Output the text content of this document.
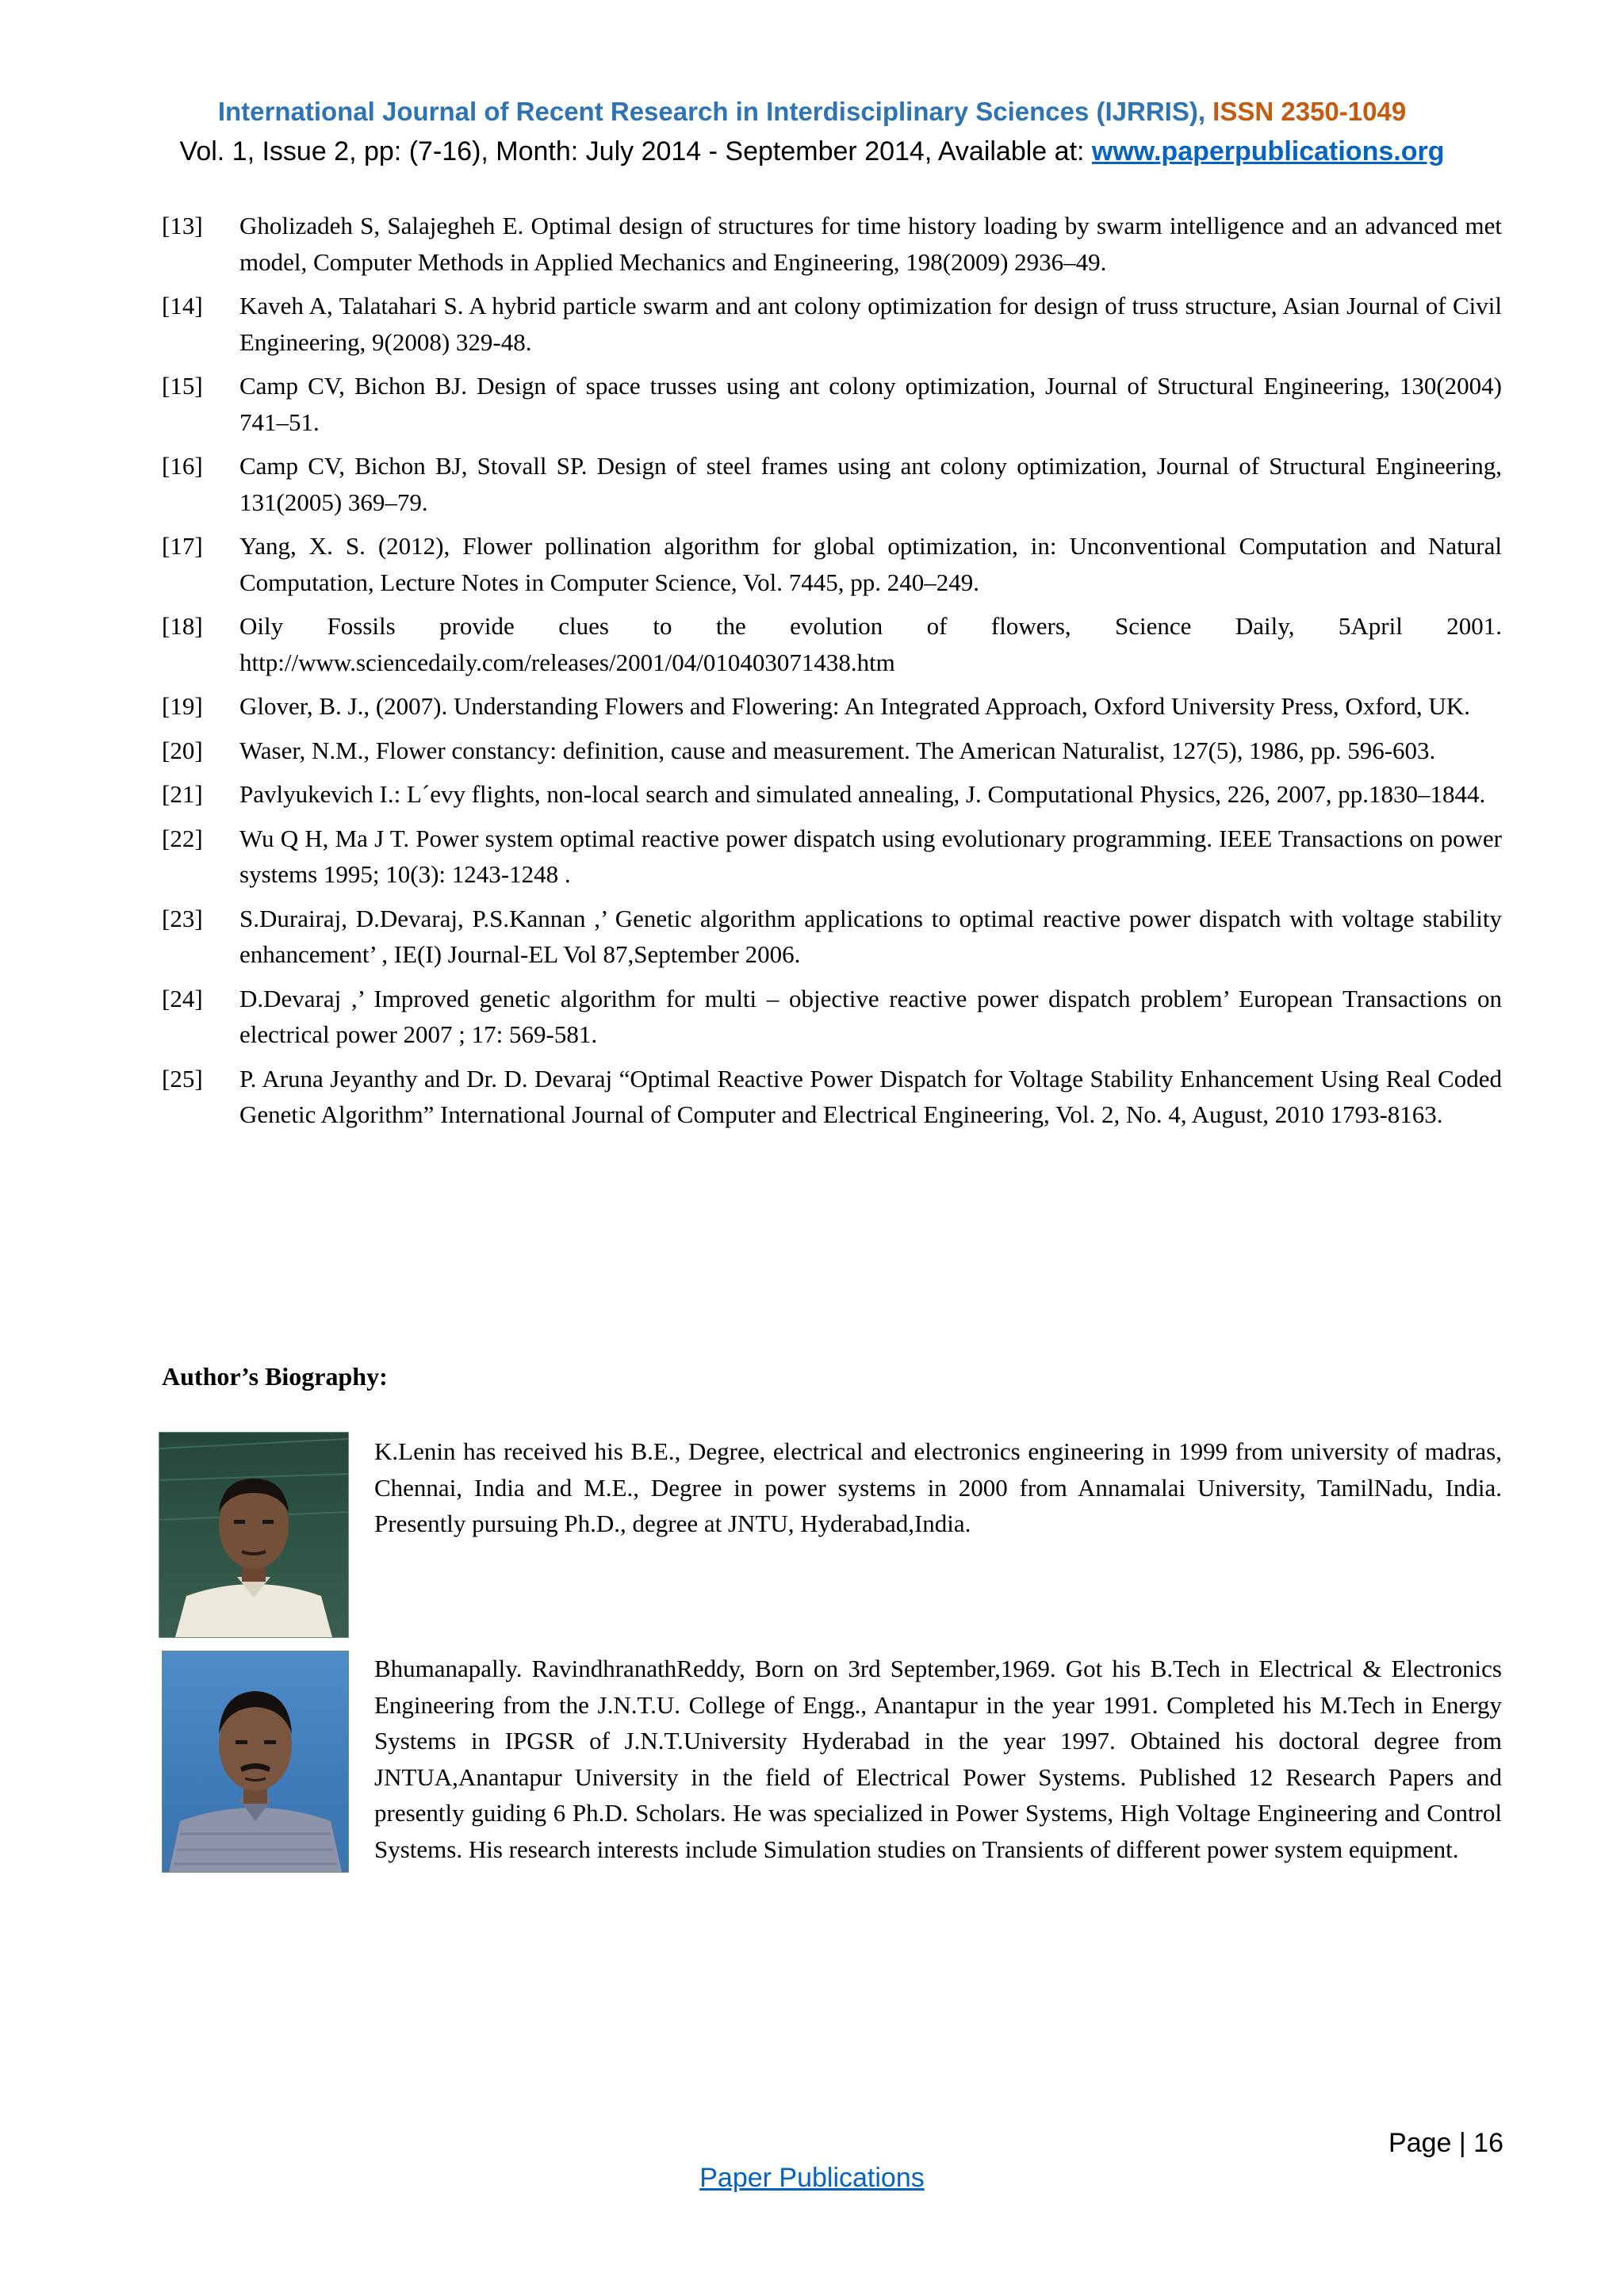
International Journal of Recent Research in Interdisciplinary Sciences (IJRRIS), ISSN 2350-1049
Vol. 1, Issue 2, pp: (7-16), Month: July 2014 - September 2014, Available at: www.paperpublications.org
[13]	Gholizadeh S, Salajegheh E. Optimal design of structures for time history loading by swarm intelligence and an advanced met model, Computer Methods in Applied Mechanics and Engineering, 198(2009) 2936–49.
[14]	Kaveh A, Talatahari S. A hybrid particle swarm and ant colony optimization for design of truss structure, Asian Journal of Civil Engineering, 9(2008) 329-48.
[15]	Camp CV, Bichon BJ. Design of space trusses using ant colony optimization, Journal of Structural Engineering, 130(2004) 741–51.
[16]	Camp CV, Bichon BJ, Stovall SP. Design of steel frames using ant colony optimization, Journal of Structural Engineering, 131(2005) 369–79.
[17]	Yang, X. S. (2012), Flower pollination algorithm for global optimization, in: Unconventional Computation and Natural Computation, Lecture Notes in Computer Science, Vol. 7445, pp. 240–249.
[18]	Oily Fossils provide clues to the evolution of flowers, Science Daily, 5April 2001. http://www.sciencedaily.com/releases/2001/04/010403071438.htm
[19]	Glover, B. J., (2007). Understanding Flowers and Flowering: An Integrated Approach, Oxford University Press, Oxford, UK.
[20]	Waser, N.M., Flower constancy: definition, cause and measurement. The American Naturalist, 127(5), 1986, pp. 596-603.
[21]	Pavlyukevich I.: L´evy flights, non-local search and simulated annealing, J. Computational Physics, 226, 2007, pp.1830–1844.
[22]	Wu Q H, Ma J T. Power system optimal reactive power dispatch using evolutionary programming. IEEE Transactions on power systems 1995; 10(3): 1243-1248 .
[23]	S.Durairaj, D.Devaraj, P.S.Kannan ,’ Genetic algorithm applications to optimal reactive power dispatch with voltage stability enhancement’ , IE(I) Journal-EL Vol 87,September 2006.
[24]	D.Devaraj ,’ Improved genetic algorithm for multi – objective reactive power dispatch problem’ European Transactions on electrical power 2007 ; 17: 569-581.
[25]	P. Aruna Jeyanthy and Dr. D. Devaraj “Optimal Reactive Power Dispatch for Voltage Stability Enhancement Using Real Coded Genetic Algorithm” International Journal of Computer and Electrical Engineering, Vol. 2, No. 4, August, 2010 1793-8163.
Author’s Biography:
K.Lenin has received his B.E., Degree, electrical and electronics engineering in 1999 from university of madras, Chennai, India and M.E., Degree in power systems in 2000 from Annamalai University, TamilNadu, India. Presently pursuing Ph.D., degree at JNTU, Hyderabad,India.
Bhumanapally. RavindhranathReddy, Born on 3rd September,1969. Got his B.Tech in Electrical & Electronics Engineering from the J.N.T.U. College of Engg., Anantapur in the year 1991. Completed his M.Tech in Energy Systems in IPGSR of J.N.T.University Hyderabad in the year 1997. Obtained his doctoral degree from JNTUA,Anantapur University in the field of Electrical Power Systems. Published 12 Research Papers and presently guiding 6 Ph.D. Scholars. He was specialized in Power Systems, High Voltage Engineering and Control Systems. His research interests include Simulation studies on Transients of different power system equipment.
Page | 16
Paper Publications
